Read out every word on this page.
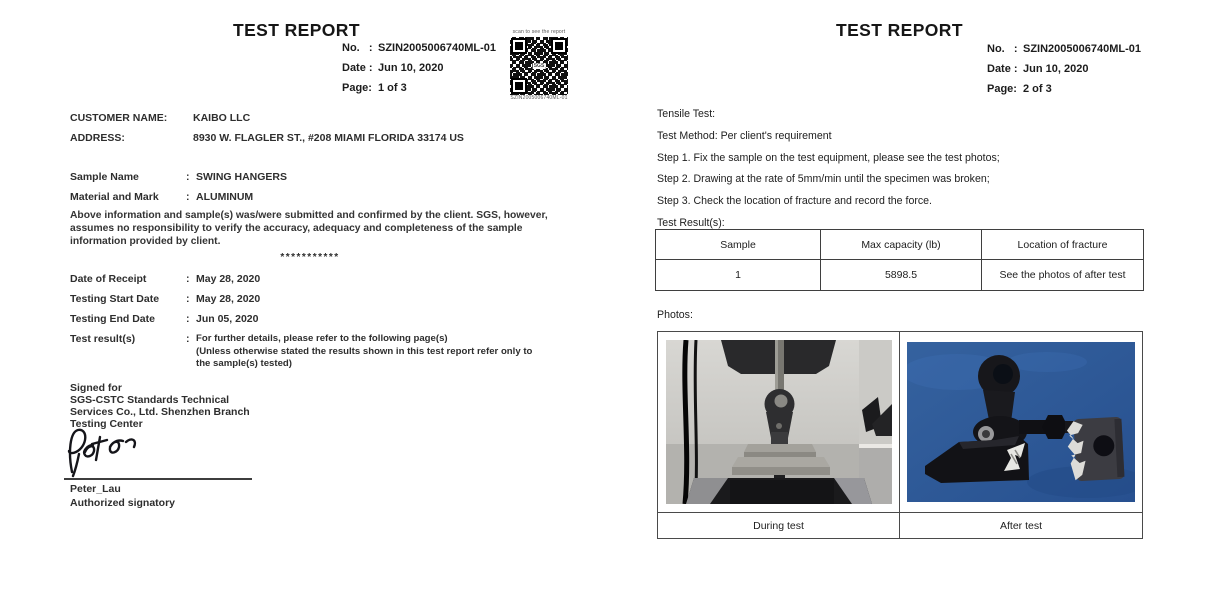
TEST REPORT
No.   : SZIN2005006740ML-01
Date : Jun 10, 2020
Page: 1 of 3
scan to see the report
SGS
SZIN2005006740ML-01
CUSTOMER NAME: KAIBO LLC
ADDRESS:	8930 W. FLAGLER ST., #208 MIAMI FLORIDA 33174 US
Sample Name	: SWING HANGERS
Material and Mark	: ALUMINUM
Above information and sample(s) was/were submitted and confirmed by the client. SGS, however,
assumes no responsibility to verify the accuracy, adequacy and completeness of the sample
information provided by client.
***********
Date of Receipt	: May 28, 2020
Testing Start Date	: May 28, 2020
Testing End Date	: Jun 05, 2020
Test result(s)	: For further details, please refer to the following page(s)
(Unless otherwise stated the results shown in this test report refer only to
the sample(s) tested)
Signed for
SGS-CSTC Standards Technical
Services Co., Ltd. Shenzhen Branch
Testing Center
Peter_Lau
Authorized signatory
TEST REPORT
No.   : SZIN2005006740ML-01
Date : Jun 10, 2020
Page: 2 of 3
Tensile Test:
Test Method: Per client's requirement
Step 1. Fix the sample on the test equipment, please see the test photos;
Step 2. Drawing at the rate of 5mm/min until the specimen was broken;
Step 3. Check the location of fracture and record the force.
Test Result(s):
Sample	Max capacity (lb)	Location of fracture
1	5898.5	See the photos of after test
Photos:
During test	After test
